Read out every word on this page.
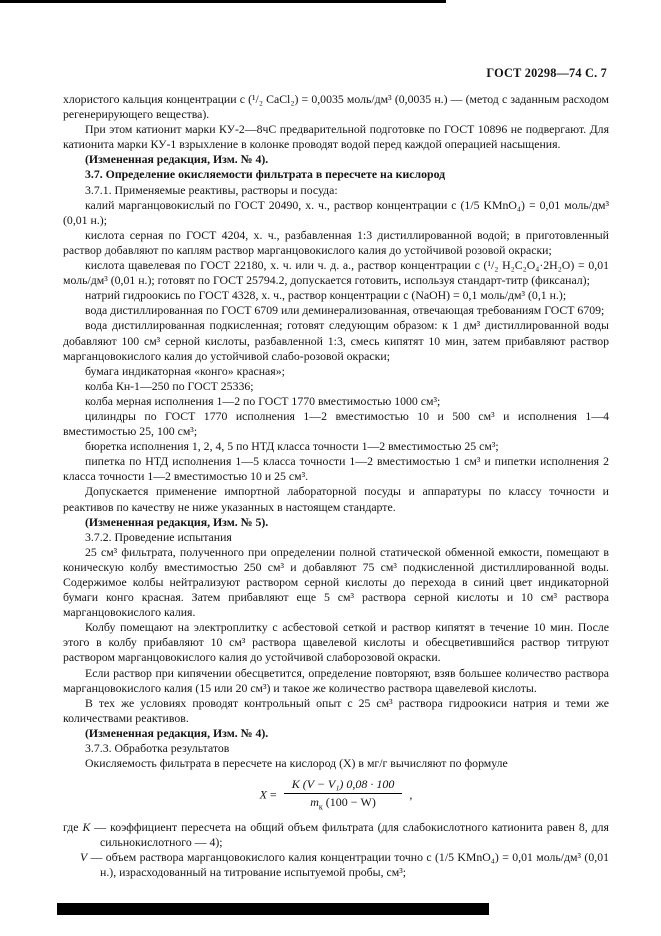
ГОСТ 20298—74 С. 7

хлористого кальция концентрации c (¹/₂ CaCl₂) = 0,0035 моль/дм³ (0,0035 н.) — (метод с заданным расходом регенерирующего вещества).

При этом катионит марки КУ-2—8чС предварительной подготовке по ГОСТ 10896 не подвергают. Для катионита марки КУ-1 взрыхление в колонке проводят водой перед каждой операцией насыщения.

(Измененная редакция, Изм. № 4).

3.7. Определение окисляемости фильтрата в пересчете на кислород

3.7.1. Применяемые реактивы, растворы и посуда:

калий марганцовокислый по ГОСТ 20490, х. ч., раствор концентрации c (1/5 KMnO₄) = 0,01 моль/дм³ (0,01 н.);

кислота серная по ГОСТ 4204, х. ч., разбавленная 1:3 дистиллированной водой; в приготовленный раствор добавляют по каплям раствор марганцовокислого калия до устойчивой розовой окраски;

кислота щавелевая по ГОСТ 22180, х. ч. или ч. д. а., раствор концентрации c (¹/₂ H₂C₂O₄·2H₂O) = 0,01 моль/дм³ (0,01 н.); готовят по ГОСТ 25794.2, допускается готовить, используя стандарт-титр (фиксанал);

натрий гидроокись по ГОСТ 4328, х. ч., раствор концентрации c (NaOH) = 0,1 моль/дм³ (0,1 н.);

вода дистиллированная по ГОСТ 6709 или деминерализованная, отвечающая требованиям ГОСТ 6709;

вода дистиллированная подкисленная; готовят следующим образом: к 1 дм³ дистиллированной воды добавляют 100 см³ серной кислоты, разбавленной 1:3, смесь кипятят 10 мин, затем прибавляют раствор марганцовокислого калия до устойчивой слабо-розовой окраски;

бумага индикаторная «конго» красная»;

колба Кн-1—250 по ГОСТ 25336;

колба мерная исполнения 1—2 по ГОСТ 1770 вместимостью 1000 см³;

цилиндры по ГОСТ 1770 исполнения 1—2 вместимостью 10 и 500 см³ и исполнения 1—4 вместимостью 25, 100 см³;

бюретка исполнения 1, 2, 4, 5 по НТД класса точности 1—2 вместимостью 25 см³;

пипетка по НТД исполнения 1—5 класса точности 1—2 вместимостью 1 см³ и пипетки исполнения 2 класса точности 1—2 вместимостью 10 и 25 см³.

Допускается применение импортной лабораторной посуды и аппаратуры по классу точности и реактивов по качеству не ниже указанных в настоящем стандарте.

(Измененная редакция, Изм. № 5).

3.7.2. Проведение испытания

25 см³ фильтрата, полученного при определении полной статической обменной емкости, помещают в коническую колбу вместимостью 250 см³ и добавляют 75 см³ подкисленной дистиллированной воды. Содержимое колбы нейтрализуют раствором серной кислоты до перехода в синий цвет индикаторной бумаги конго красная. Затем прибавляют еще 5 см³ раствора серной кислоты и 10 см³ раствора марганцовокислого калия.

Колбу помещают на электроплитку с асбестовой сеткой и раствор кипятят в течение 10 мин. После этого в колбу прибавляют 10 см³ раствора щавелевой кислоты и обесцветившийся раствор титруют раствором марганцовокислого калия до устойчивой слаборозовой окраски.

Если раствор при кипячении обесцветится, определение повторяют, взяв большее количество раствора марганцовокислого калия (15 или 20 см³) и такое же количество раствора щавелевой кислоты.

В тех же условиях проводят контрольный опыт с 25 см³ раствора гидроокиси натрия и теми же количествами реактивов.

(Измененная редакция, Изм. № 4).

3.7.3. Обработка результатов

Окисляемость фильтрата в пересчете на кислород (X) в мг/г вычисляют по формуле

$X = \frac{\text{K (V − V₁) 0,08 · 100}}{m_к (100 - W)}$ ,

где K — коэффициент пересчета на общий объем фильтрата (для слабокислотного катионита равен 8, для сильнокислотного — 4);

V — объем раствора марганцовокислого калия концентрации точно c (1/5 KMnO₄) = 0,01 моль/дм³ (0,01 н.), израсходованный на титрование испытуемой пробы, см³;
